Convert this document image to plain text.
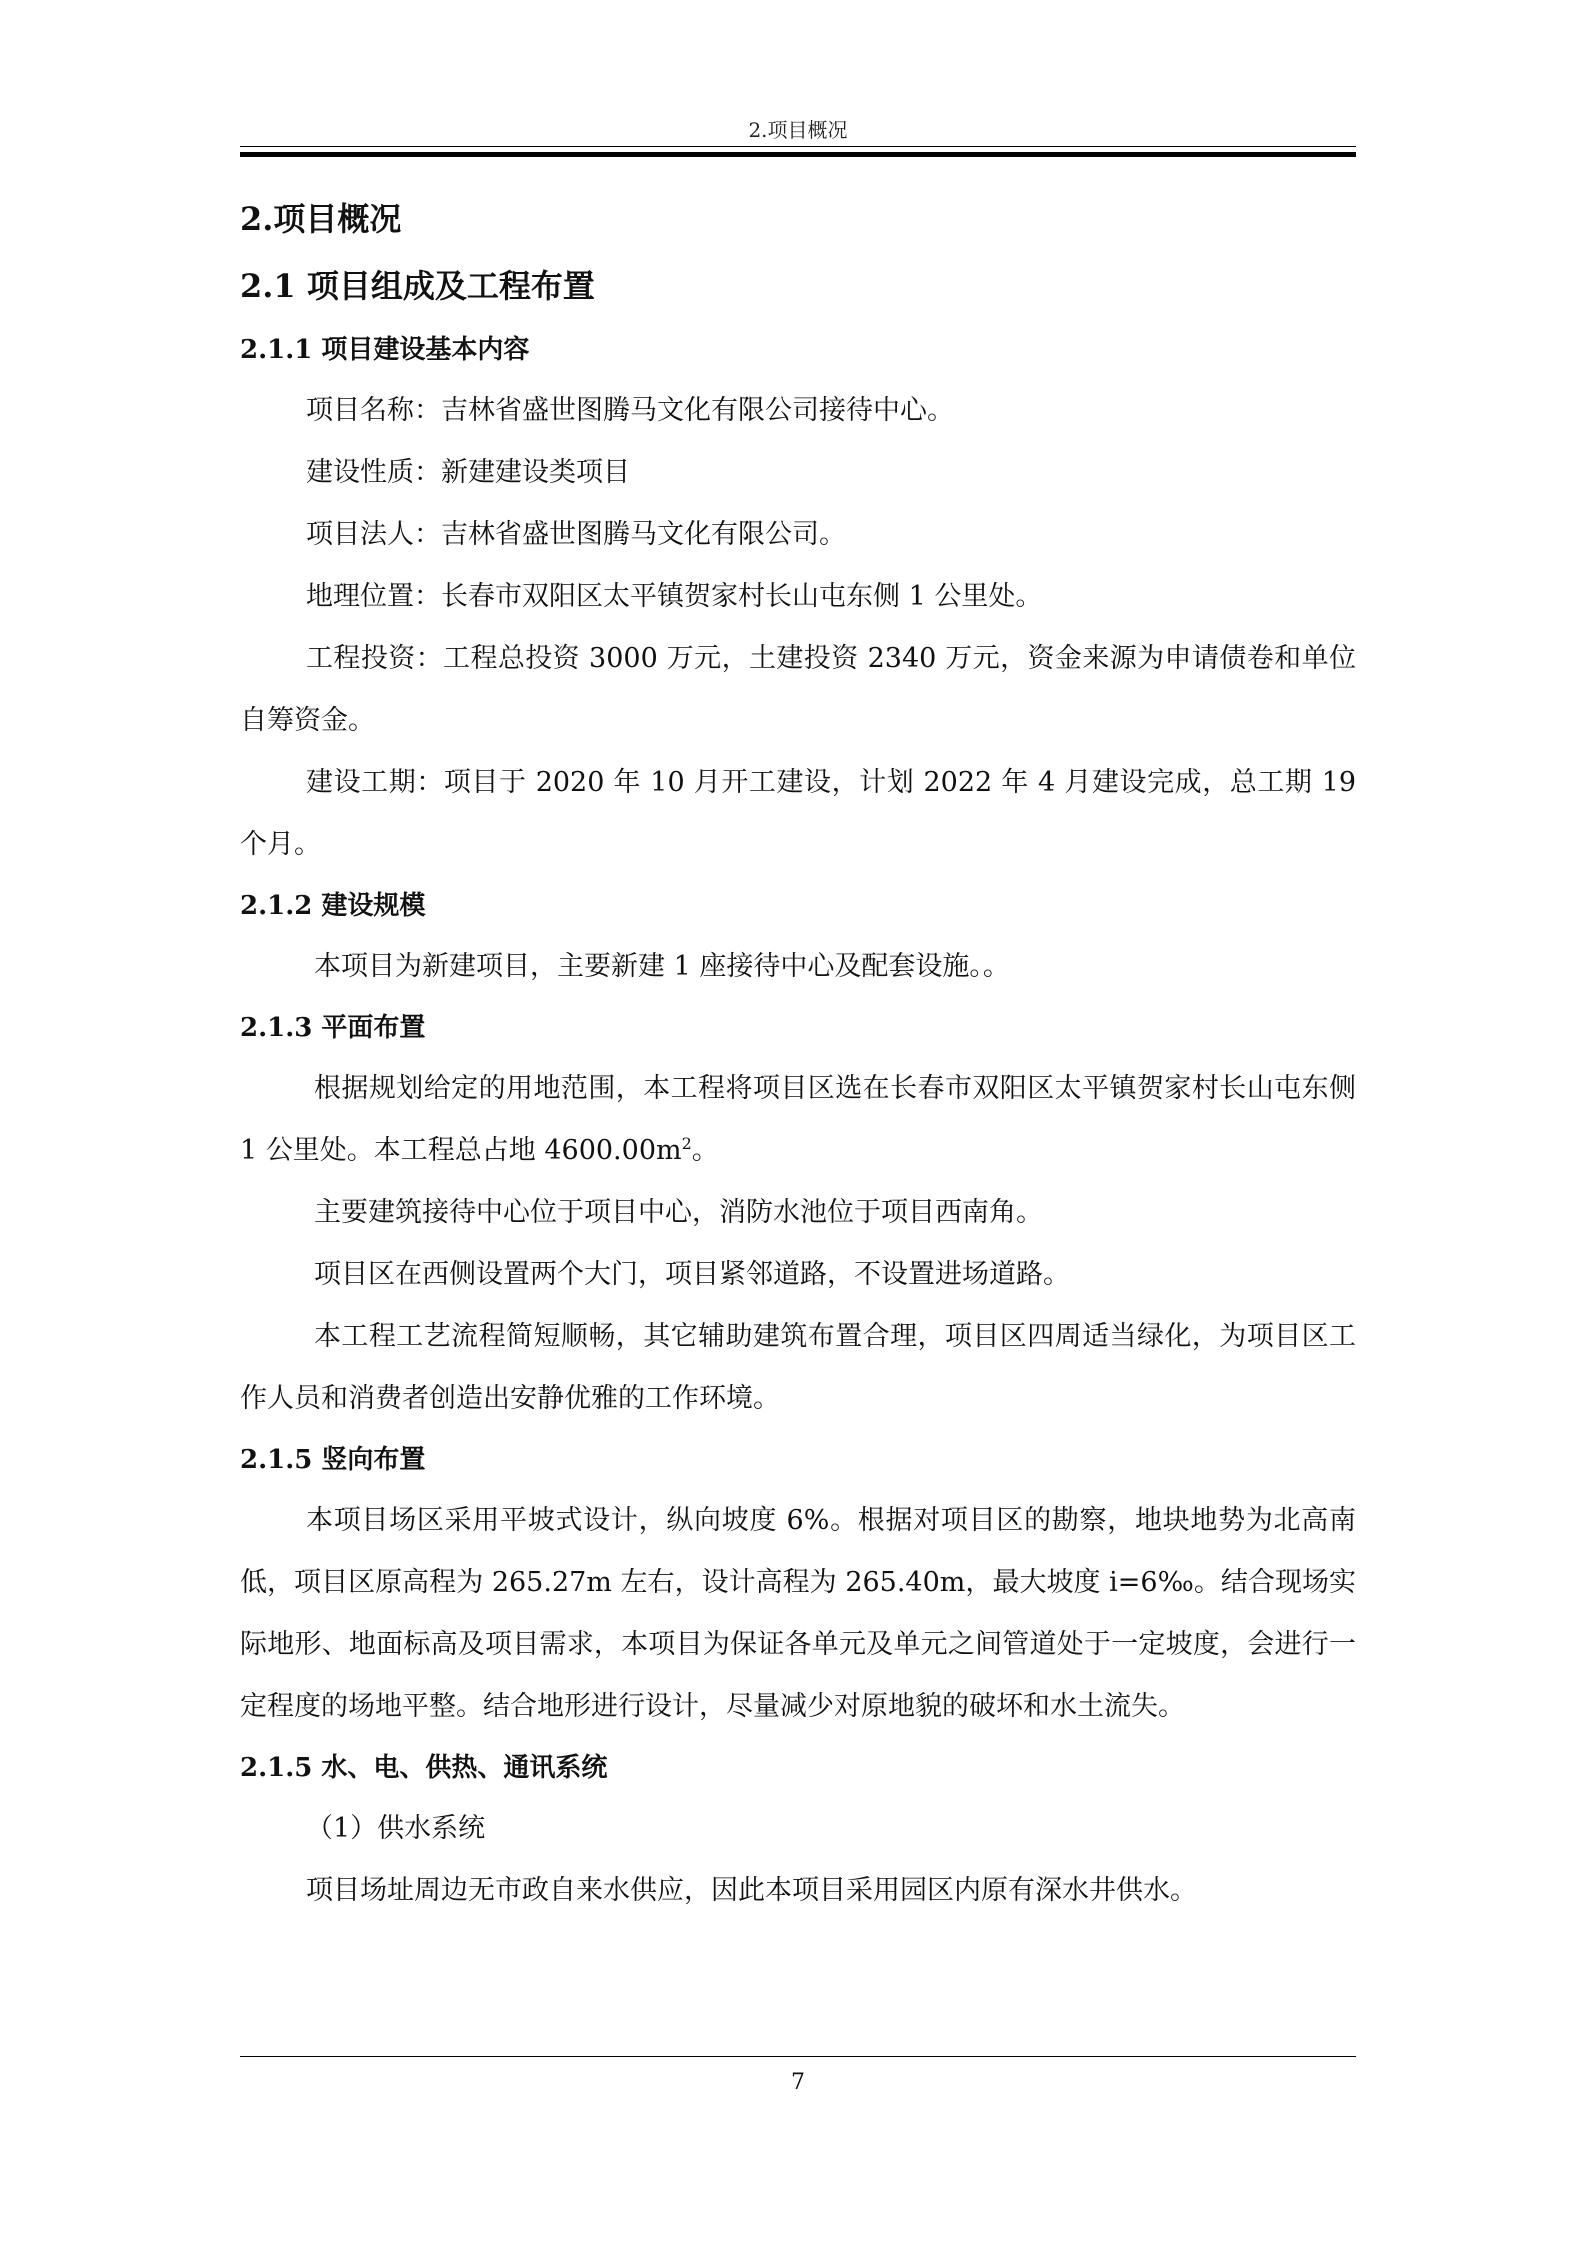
2.项目概况
2.项目概况
2.1 项目组成及工程布置
2.1.1 项目建设基本内容

项目名称：吉林省盛世图腾马文化有限公司接待中心。

建设性质：新建建设类项目

项目法人：吉林省盛世图腾马文化有限公司。

地理位置：长春市双阳区太平镇贺家村长山屯东侧 1 公里处。

工程投资：工程总投资 3000 万元，土建投资 2340 万元，资金来源为申请债卷和单位自筹资金。

建设工期：项目于 2020 年 10 月开工建设，计划 2022 年 4 月建设完成，总工期 19 个月。

2.1.2 建设规模

本项目为新建项目，主要新建 1 座接待中心及配套设施。。

2.1.3 平面布置

根据规划给定的用地范围，本工程将项目区选在长春市双阳区太平镇贺家村长山屯东侧 1 公里处。本工程总占地 $4600.00m^2$。

主要建筑接待中心位于项目中心，消防水池位于项目西南角。

项目区在西侧设置两个大门，项目紧邻道路，不设置进场道路。

本工程工艺流程简短顺畅，其它辅助建筑布置合理，项目区四周适当绿化，为项目区工作人员和消费者创造出安静优雅的工作环境。

2.1.5 竖向布置

本项目场区采用平坡式设计，纵向坡度 6%。根据对项目区的勘察，地块地势为北高南低，项目区原高程为 265.27m 左右，设计高程为 265.40m，最大坡度 i=6‰。结合现场实际地形、地面标高及项目需求，本项目为保证各单元及单元之间管道处于一定坡度，会进行一定程度的场地平整。结合地形进行设计，尽量减少对原地貌的破坏和水土流失。

2.1.5 水、电、供热、通讯系统

（1）供水系统

项目场址周边无市政自来水供应，因此本项目采用园区内原有深水井供水。

7
